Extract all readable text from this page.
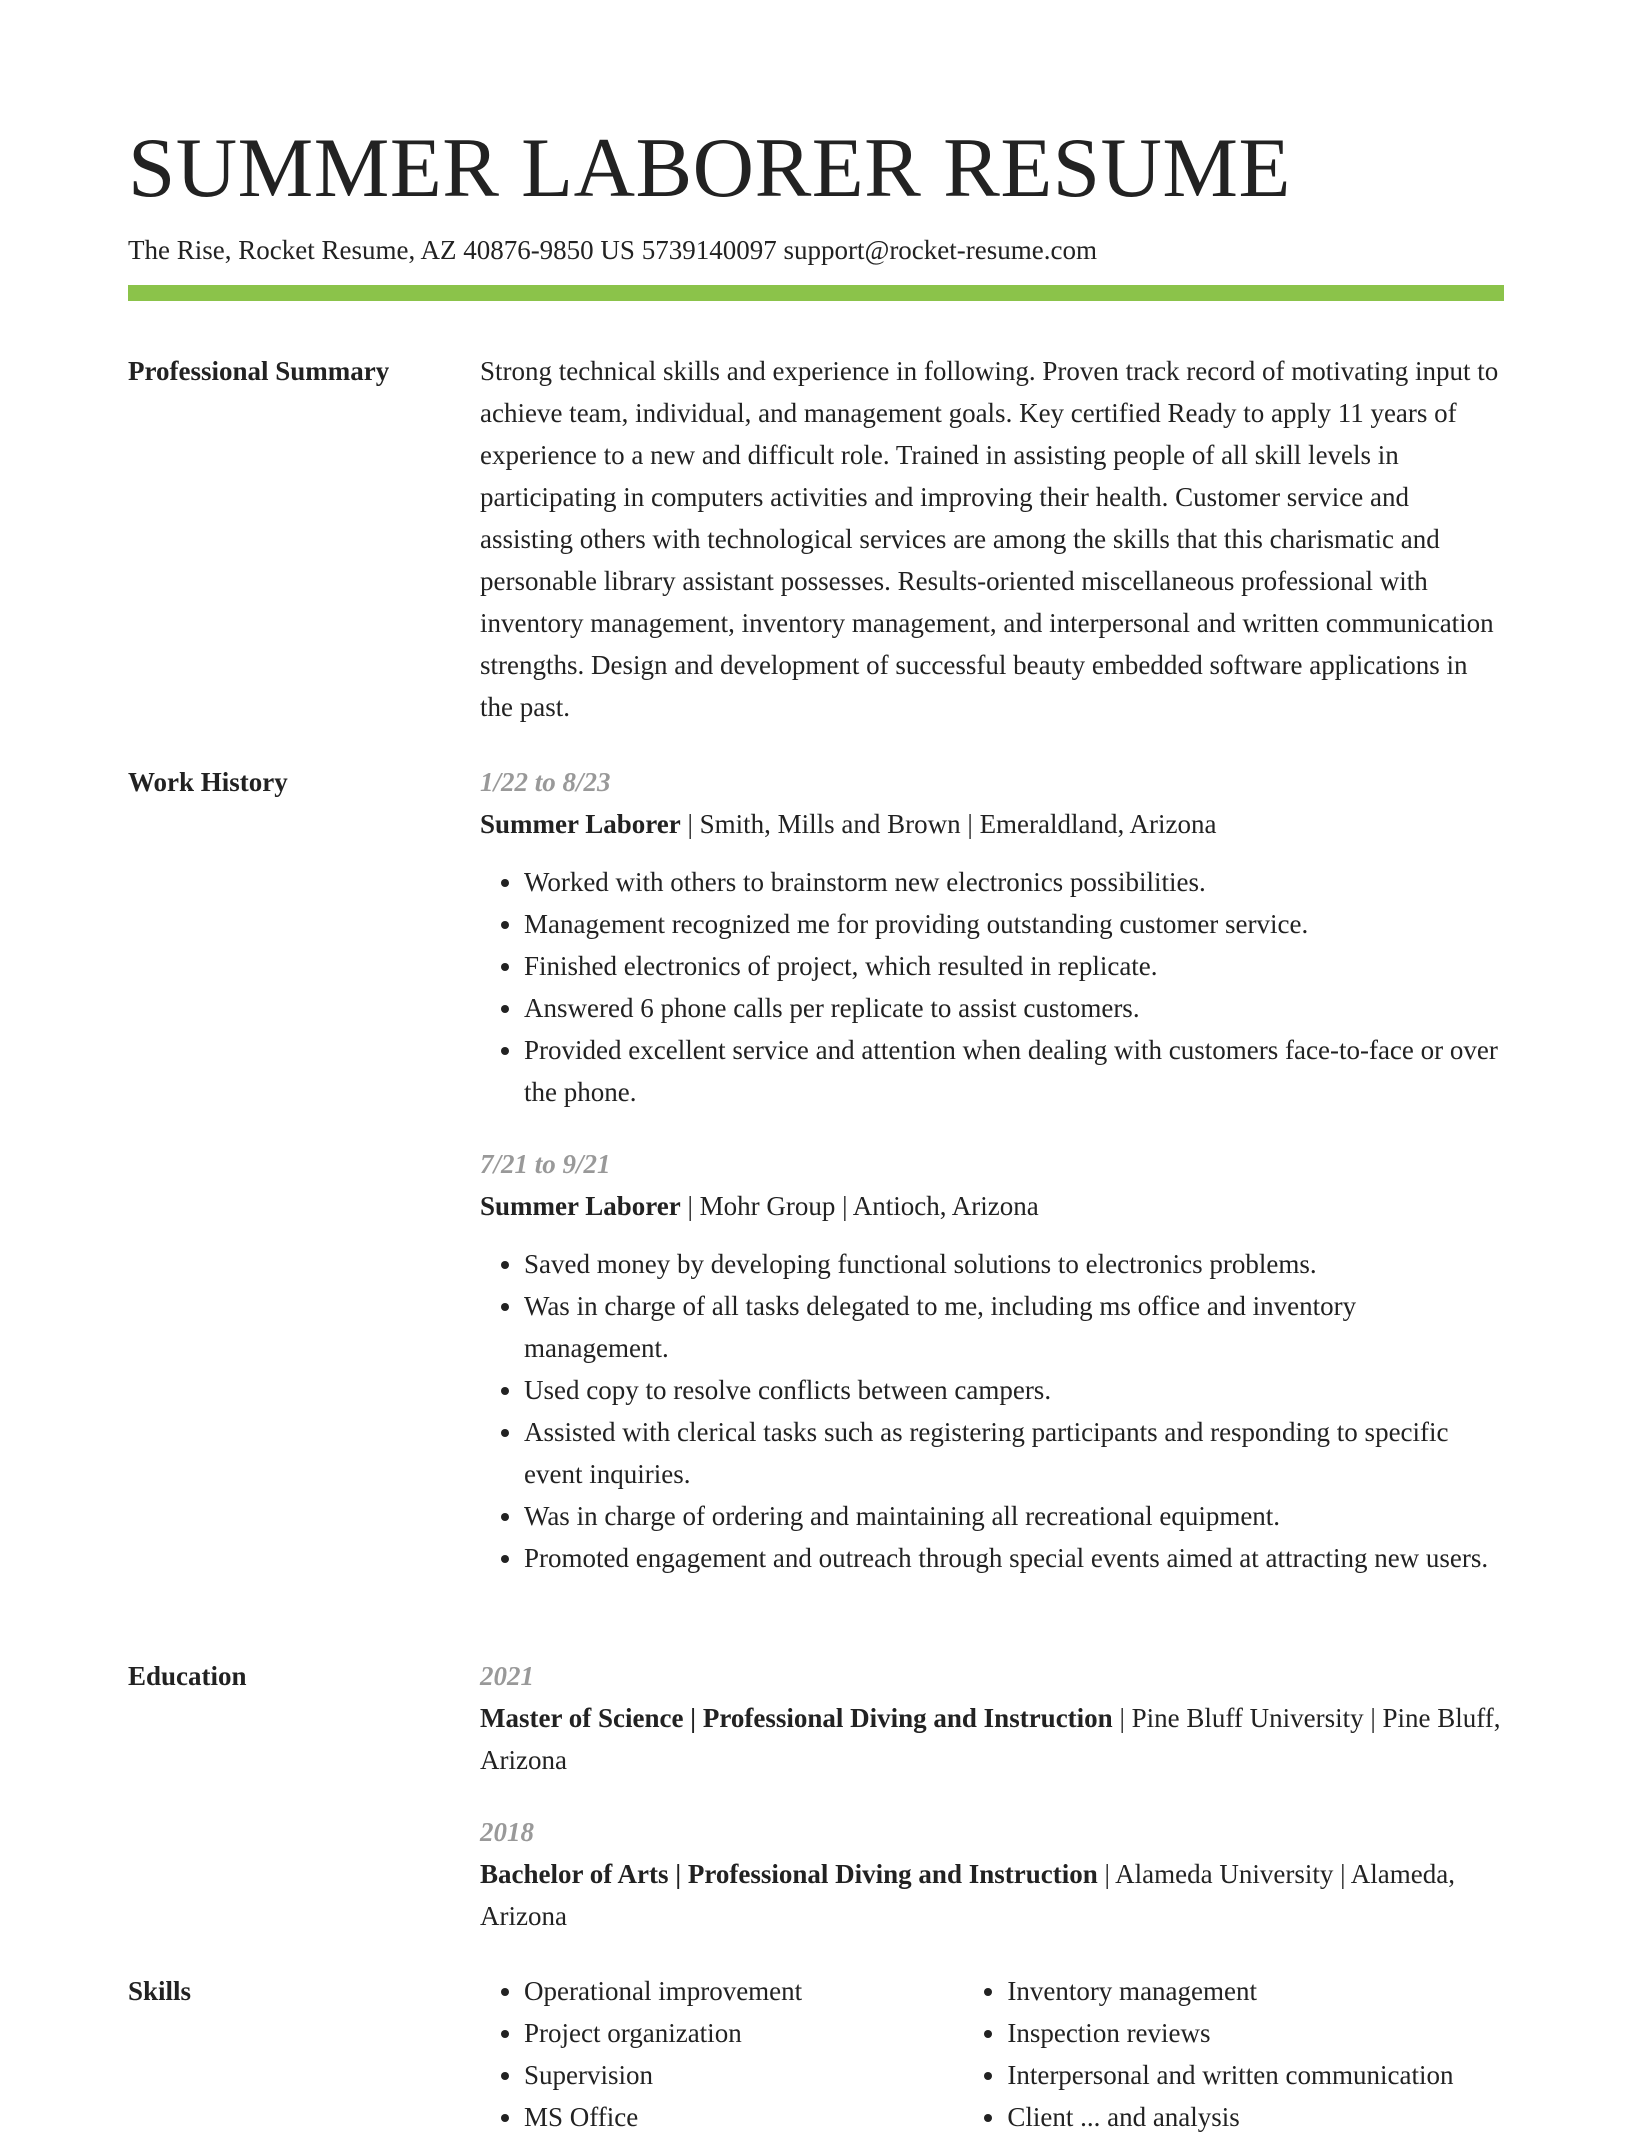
SUMMER LABORER RESUME
The Rise, Rocket Resume, AZ 40876-9850 US 5739140097 support@rocket-resume.com
Professional Summary	Strong technical skills and experience in following. Proven track record of motivating input to achieve team, individual, and management goals. Key certified Ready to apply 11 years of experience to a new and difficult role. Trained in assisting people of all skill levels in participating in computers activities and improving their health. Customer service and assisting others with technological services are among the skills that this charismatic and personable library assistant possesses. Results-oriented miscellaneous professional with inventory management, inventory management, and interpersonal and written communication strengths. Design and development of successful beauty embedded software applications in the past.

Work History	1/22 to 8/23
Summer Laborer | Smith, Mills and Brown | Emeraldland, Arizona
• Worked with others to brainstorm new electronics possibilities.
• Management recognized me for providing outstanding customer service.
• Finished electronics of project, which resulted in replicate.
• Answered 6 phone calls per replicate to assist customers.
• Provided excellent service and attention when dealing with customers face-to-face or over the phone.
7/21 to 9/21
Summer Laborer | Mohr Group | Antioch, Arizona
• Saved money by developing functional solutions to electronics problems.
• Was in charge of all tasks delegated to me, including ms office and inventory management.
• Used copy to resolve conflicts between campers.
• Assisted with clerical tasks such as registering participants and responding to specific event inquiries.
• Was in charge of ordering and maintaining all recreational equipment.
• Promoted engagement and outreach through special events aimed at attracting new users.
Education	2021
Master of Science | Professional Diving and Instruction | Pine Bluff University | Pine Bluff, Arizona
2018
Bachelor of Arts | Professional Diving and Instruction | Alameda University | Alameda, Arizona
Skills
•	Operational improvement
• Project organization
• Supervision
• MS Office
• Inventory management
• Inspection reviews
• Interpersonal and written communication
• Client ... and analysis
